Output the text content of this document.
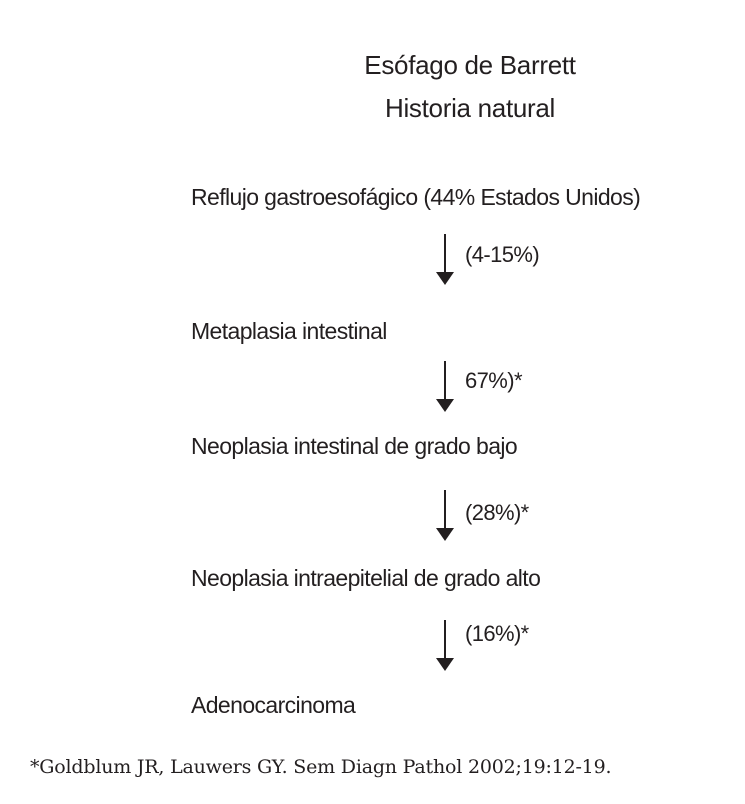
Esófago de Barrett
Historia natural
Reflujo gastroesofágico (44% Estados Unidos)
(4-15%)
Metaplasia intestinal
67%)*
Neoplasia intestinal de grado bajo
(28%)*
Neoplasia intraepitelial de grado alto
(16%)*
Adenocarcinoma
*Goldblum JR, Lauwers GY. Sem Diagn Pathol 2002;19:12-19.
